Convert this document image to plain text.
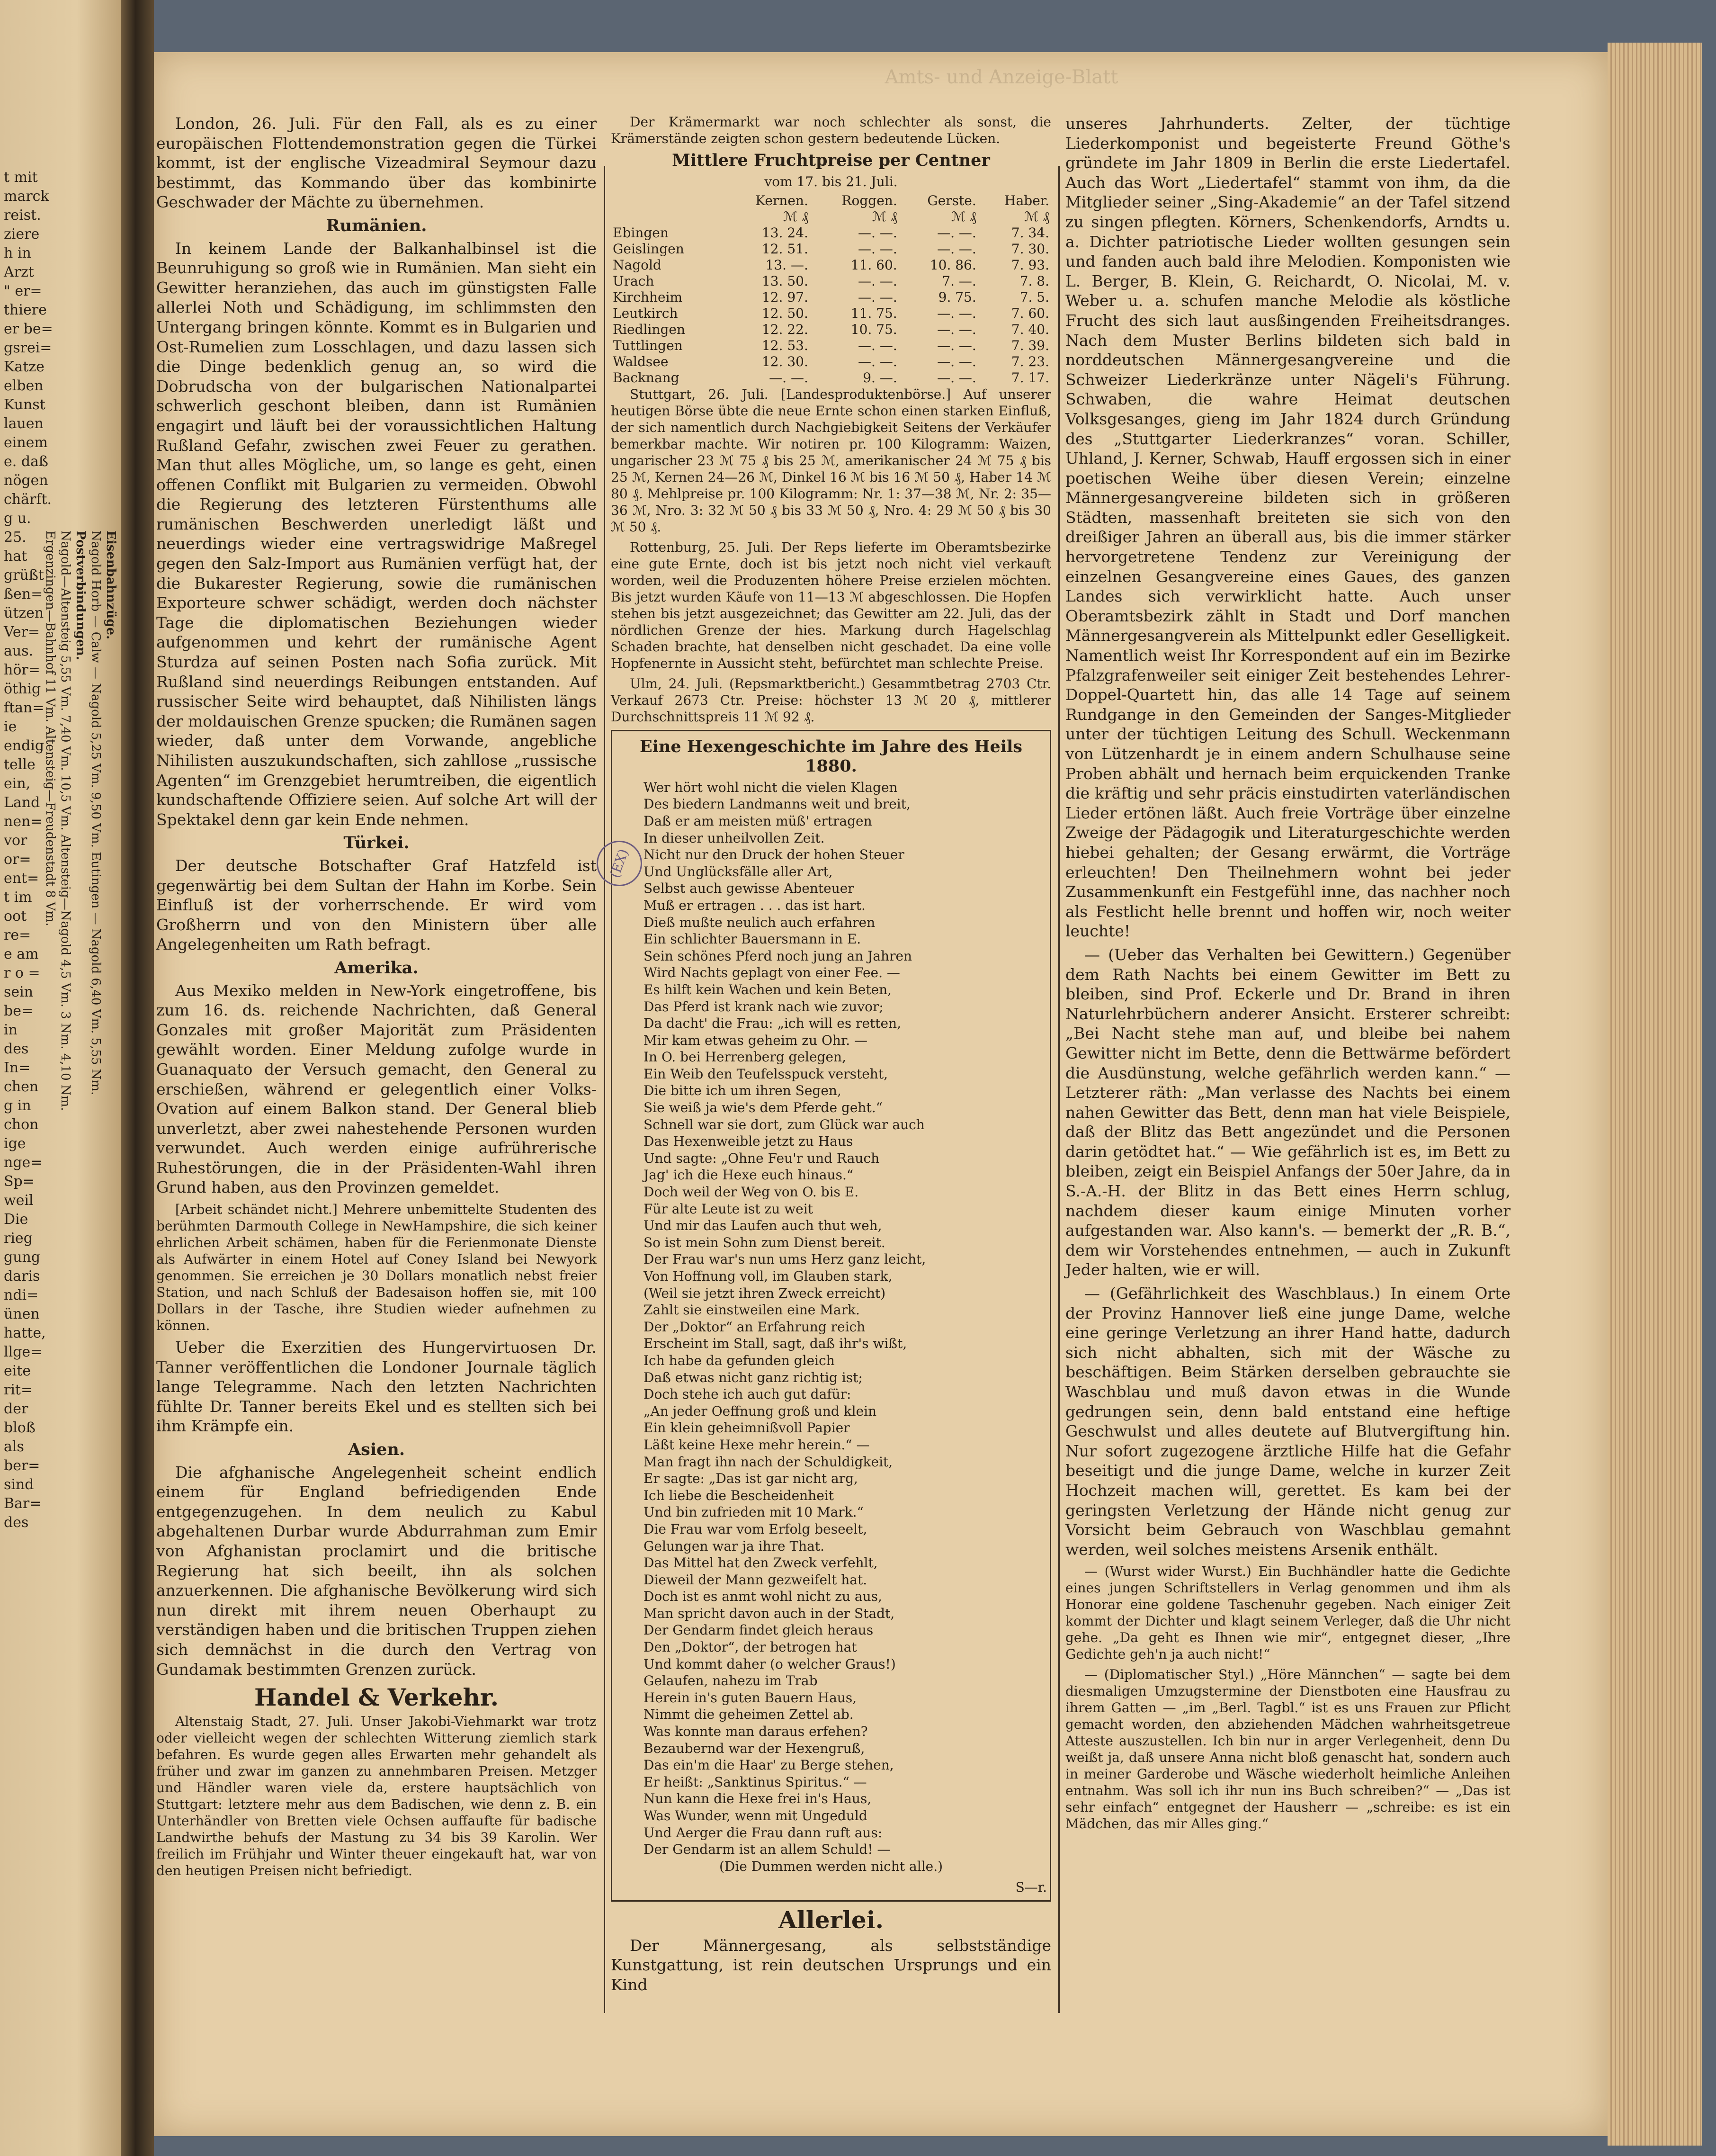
t mit
marck
reist.
ziere
h in
Arzt
" er=
thiere
er be=
gsrei=
Katze
elben
Kunst
lauen
einem
e. daß
nögen
chärft.
g u.
25.
hat
grüßt
ßen=
ützen
Ver=
aus.
hör=
öthig
ftan=
ie
endig
telle
ein,
Land
nen=
vor
or=
ent=
t im
oot
re=
e am
r o =
sein
be=
in
des
In=
chen
g in
chon
ige
nge=
Sp=
weil
Die
rieg
gung
daris
ndi=
ünen
hatte,
llge=
eite
rit=
der
bloß
als
ber=
sind
Bar=
des
Eisenbahnzüge.
Nagold Horb — Calw — Nagold 5,25 Vm. 9,50 Vm. Eutingen — Nagold 6,40 Vm. 5,55 Nm.
Postverbindungen.
Nagold—Altensteig 5,55 Vm. 7,40 Vm. 10,5 Vm. Altensteig—Nagold 4,5 Vm. 3 Nm. 4,10 Nm. Ergenzingen—Bahnhof 11 Vm. Altensteig—Freudenstadt 8 Vm.
Amts- und Anzeige-Blatt

London, 26. Juli. Für den Fall, als es zu einer europäischen Flottendemonstration gegen die Türkei kommt, ist der englische Vizeadmiral Seymour dazu bestimmt, das Kommando über das kombinirte Geschwader der Mächte zu übernehmen.

Rumänien.

In keinem Lande der Balkanhalbinsel ist die Beunruhigung so groß wie in Rumänien. Man sieht ein Gewitter heranziehen, das auch im günstigsten Falle allerlei Noth und Schädigung, im schlimmsten den Untergang bringen könnte. Kommt es in Bulgarien und Ost-Rumelien zum Losschlagen, und dazu lassen sich die Dinge bedenklich genug an, so wird die Dobrudscha von der bulgarischen Nationalpartei schwerlich geschont bleiben, dann ist Rumänien engagirt und läuft bei der voraussichtlichen Haltung Rußland Gefahr, zwischen zwei Feuer zu gerathen. Man thut alles Mögliche, um, so lange es geht, einen offenen Conflikt mit Bulgarien zu vermeiden. Obwohl die Regierung des letzteren Fürstenthums alle rumänischen Beschwerden unerledigt läßt und neuerdings wieder eine vertragswidrige Maßregel gegen den Salz-Import aus Rumänien verfügt hat, der die Bukarester Regierung, sowie die rumänischen Exporteure schwer schädigt, werden doch nächster Tage die diplomatischen Beziehungen wieder aufgenommen und kehrt der rumänische Agent Sturdza auf seinen Posten nach Sofia zurück. Mit Rußland sind neuerdings Reibungen entstanden. Auf russischer Seite wird behauptet, daß Nihilisten längs der moldauischen Grenze spucken; die Rumänen sagen wieder, daß unter dem Vorwande, angebliche Nihilisten auszukundschaften, sich zahllose „russische Agenten“ im Grenzgebiet herumtreiben, die eigentlich kundschaftende Offiziere seien. Auf solche Art will der Spektakel denn gar kein Ende nehmen.

Türkei.

Der deutsche Botschafter Graf Hatzfeld ist gegenwärtig bei dem Sultan der Hahn im Korbe. Sein Einfluß ist der vorherrschende. Er wird vom Großherrn und von den Ministern über alle Angelegenheiten um Rath befragt.

Amerika.

Aus Mexiko melden in New-York eingetroffene, bis zum 16. ds. reichende Nachrichten, daß General Gonzales mit großer Majorität zum Präsidenten gewählt worden. Einer Meldung zufolge wurde in Guanaquato der Versuch gemacht, den General zu erschießen, während er gelegentlich einer Volks-Ovation auf einem Balkon stand. Der General blieb unverletzt, aber zwei nahestehende Personen wurden verwundet. Auch werden einige aufrührerische Ruhestörungen, die in der Präsidenten-Wahl ihren Grund haben, aus den Provinzen gemeldet.

[Arbeit schändet nicht.] Mehrere unbemittelte Studenten des berühmten Darmouth College in NewHampshire, die sich keiner ehrlichen Arbeit schämen, haben für die Ferienmonate Dienste als Aufwärter in einem Hotel auf Coney Island bei Newyork genommen. Sie erreichen je 30 Dollars monatlich nebst freier Station, und nach Schluß der Badesaison hoffen sie, mit 100 Dollars in der Tasche, ihre Studien wieder aufnehmen zu können.

Ueber die Exerzitien des Hungervirtuosen Dr. Tanner veröffentlichen die Londoner Journale täglich lange Telegramme. Nach den letzten Nachrichten fühlte Dr. Tanner bereits Ekel und es stellten sich bei ihm Krämpfe ein.

Asien.

Die afghanische Angelegenheit scheint endlich einem für England befriedigenden Ende entgegenzugehen. In dem neulich zu Kabul abgehaltenen Durbar wurde Abdurrahman zum Emir von Afghanistan proclamirt und die britische Regierung hat sich beeilt, ihn als solchen anzuerkennen. Die afghanische Bevölkerung wird sich nun direkt mit ihrem neuen Oberhaupt zu verständigen haben und die britischen Truppen ziehen sich demnächst in die durch den Vertrag von Gundamak bestimmten Grenzen zurück.

Handel & Verkehr.

Altenstaig Stadt, 27. Juli. Unser Jakobi-Viehmarkt war trotz oder vielleicht wegen der schlechten Witterung ziemlich stark befahren. Es wurde gegen alles Erwarten mehr gehandelt als früher und zwar im ganzen zu annehmbaren Preisen. Metzger und Händler waren viele da, erstere hauptsächlich von Stuttgart: letztere mehr aus dem Badischen, wie denn z. B. ein Unterhändler von Bretten viele Ochsen auffaufte für badische Landwirthe behufs der Mastung zu 34 bis 39 Karolin. Wer freilich im Frühjahr und Winter theuer eingekauft hat, war von den heutigen Preisen nicht befriedigt.

Der Krämermarkt war noch schlechter als sonst, die Krämerstände zeigten schon gestern bedeutende Lücken.

Mittlere Fruchtpreise per Centner

vom 17. bis 21. Juli.

	Kernen.	Roggen.	Gerste.	Haber.
	ℳ ₰	ℳ ₰	ℳ ₰	ℳ ₰
Ebingen	13. 24.	—. —.	—. —.	7. 34.
Geislingen	12. 51.	—. —.	—. —.	7. 30.
Nagold	13. —.	11. 60.	10. 86.	7. 93.
Urach	13. 50.	—. —.	7. —.	7. 8.
Kirchheim	12. 97.	—. —.	9. 75.	7. 5.
Leutkirch	12. 50.	11. 75.	—. —.	7. 60.
Riedlingen	12. 22.	10. 75.	—. —.	7. 40.
Tuttlingen	12. 53.	—. —.	—. —.	7. 39.
Waldsee	12. 30.	—. —.	—. —.	7. 23.
Backnang	—. —.	9. —.	—. —.	7. 17.

Stuttgart, 26. Juli. [Landesproduktenbörse.] Auf unserer heutigen Börse übte die neue Ernte schon einen starken Einfluß, der sich namentlich durch Nachgiebigkeit Seitens der Verkäufer bemerkbar machte. Wir notiren pr. 100 Kilogramm: Waizen, ungarischer 23 ℳ 75 ₰ bis 25 ℳ, amerikanischer 24 ℳ 75 ₰ bis 25 ℳ, Kernen 24—26 ℳ, Dinkel 16 ℳ bis 16 ℳ 50 ₰, Haber 14 ℳ 80 ₰. Mehlpreise pr. 100 Kilogramm: Nr. 1: 37—38 ℳ, Nr. 2: 35—36 ℳ, Nro. 3: 32 ℳ 50 ₰ bis 33 ℳ 50 ₰, Nro. 4: 29 ℳ 50 ₰ bis 30 ℳ 50 ₰.

Rottenburg, 25. Juli. Der Reps lieferte im Oberamtsbezirke eine gute Ernte, doch ist bis jetzt noch nicht viel verkauft worden, weil die Produzenten höhere Preise erzielen möchten. Bis jetzt wurden Käufe von 11—13 ℳ abgeschlossen. Die Hopfen stehen bis jetzt ausgezeichnet; das Gewitter am 22. Juli, das der nördlichen Grenze der hies. Markung durch Hagelschlag Schaden brachte, hat denselben nicht geschadet. Da eine volle Hopfenernte in Aussicht steht, befürchtet man schlechte Preise.

Ulm, 24. Juli. (Repsmarktbericht.) Gesammtbetrag 2703 Ctr. Verkauf 2673 Ctr. Preise: höchster 13 ℳ 20 ₰, mittlerer Durchschnittspreis 11 ℳ 92 ₰.

Eine Hexengeschichte im Jahre des Heils 1880.

Wer hört wohl nicht die vielen Klagen
Des biedern Landmanns weit und breit,
Daß er am meisten müß' ertragen
In dieser unheilvollen Zeit.
Nicht nur den Druck der hohen Steuer
Und Unglücksfälle aller Art,
Selbst auch gewisse Abenteuer
Muß er ertragen . . . das ist hart.
Dieß mußte neulich auch erfahren
Ein schlichter Bauersmann in E.
Sein schönes Pferd noch jung an Jahren
Wird Nachts geplagt von einer Fee. —
Es hilft kein Wachen und kein Beten,
Das Pferd ist krank nach wie zuvor;
Da dacht' die Frau: „ich will es retten,
Mir kam etwas geheim zu Ohr. —
In O. bei Herrenberg gelegen,
Ein Weib den Teufelsspuck versteht,
Die bitte ich um ihren Segen,
Sie weiß ja wie's dem Pferde geht.“
Schnell war sie dort, zum Glück war auch
Das Hexenweible jetzt zu Haus
Und sagte: „Ohne Feu'r und Rauch
Jag' ich die Hexe euch hinaus.“
Doch weil der Weg von O. bis E.
Für alte Leute ist zu weit
Und mir das Laufen auch thut weh,
So ist mein Sohn zum Dienst bereit.
Der Frau war's nun ums Herz ganz leicht,
Von Hoffnung voll, im Glauben stark,
(Weil sie jetzt ihren Zweck erreicht)
Zahlt sie einstweilen eine Mark.
Der „Doktor“ an Erfahrung reich
Erscheint im Stall, sagt, daß ihr's wißt,
Ich habe da gefunden gleich
Daß etwas nicht ganz richtig ist;
Doch stehe ich auch gut dafür:
„An jeder Oeffnung groß und klein
Ein klein geheimnißvoll Papier
Läßt keine Hexe mehr herein.“ —
Man fragt ihn nach der Schuldigkeit,
Er sagte: „Das ist gar nicht arg,
Ich liebe die Bescheidenheit
Und bin zufrieden mit 10 Mark.“
Die Frau war vom Erfolg beseelt,
Gelungen war ja ihre That.
Das Mittel hat den Zweck verfehlt,
Dieweil der Mann gezweifelt hat.
Doch ist es anmt wohl nicht zu aus,
Man spricht davon auch in der Stadt,
Der Gendarm findet gleich heraus
Den „Doktor“, der betrogen hat
Und kommt daher (o welcher Graus!)
Gelaufen, nahezu im Trab
Herein in's guten Bauern Haus,
Nimmt die geheimen Zettel ab.
Was konnte man daraus erfehen?
Bezaubernd war der Hexengruß,
Das ein'm die Haar' zu Berge stehen,
Er heißt: „Sanktinus Spiritus.“ —
Nun kann die Hexe frei in's Haus,
Was Wunder, wenn mit Ungeduld
Und Aerger die Frau dann ruft aus:
Der Gendarm ist an allem Schuld! —
(Die Dummen werden nicht alle.)
S—r.

Allerlei.

Der Männergesang, als selbstständige Kunstgattung, ist rein deutschen Ursprungs und ein Kind

(EX)

unseres Jahrhunderts. Zelter, der tüchtige Liederkomponist und begeisterte Freund Göthe's gründete im Jahr 1809 in Berlin die erste Liedertafel. Auch das Wort „Liedertafel“ stammt von ihm, da die Mitglieder seiner „Sing-Akademie“ an der Tafel sitzend zu singen pflegten. Körners, Schenkendorfs, Arndts u. a. Dichter patriotische Lieder wollten gesungen sein und fanden auch bald ihre Melodien. Komponisten wie L. Berger, B. Klein, G. Reichardt, O. Nicolai, M. v. Weber u. a. schufen manche Melodie als köstliche Frucht des sich laut ausßingenden Freiheitsdranges. Nach dem Muster Berlins bildeten sich bald in norddeutschen Männergesangvereine und die Schweizer Liederkränze unter Nägeli's Führung. Schwaben, die wahre Heimat deutschen Volksgesanges, gieng im Jahr 1824 durch Gründung des „Stuttgarter Liederkranzes“ voran. Schiller, Uhland, J. Kerner, Schwab, Hauff ergossen sich in einer poetischen Weihe über diesen Verein; einzelne Männergesangvereine bildeten sich in größeren Städten, massenhaft breiteten sie sich von den dreißiger Jahren an überall aus, bis die immer stärker hervorgetretene Tendenz zur Vereinigung der einzelnen Gesangvereine eines Gaues, des ganzen Landes sich verwirklicht hatte. Auch unser Oberamtsbezirk zählt in Stadt und Dorf manchen Männergesangverein als Mittelpunkt edler Geselligkeit. Namentlich weist Ihr Korrespondent auf ein im Bezirke Pfalzgrafenweiler seit einiger Zeit bestehendes Lehrer-Doppel-Quartett hin, das alle 14 Tage auf seinem Rundgange in den Gemeinden der Sanges-Mitglieder unter der tüchtigen Leitung des Schull. Weckenmann von Lützenhardt je in einem andern Schulhause seine Proben abhält und hernach beim erquickenden Tranke die kräftig und sehr präcis einstudirten vaterländischen Lieder ertönen läßt. Auch freie Vorträge über einzelne Zweige der Pädagogik und Literaturgeschichte werden hiebei gehalten; der Gesang erwärmt, die Vorträge erleuchten! Den Theilnehmern wohnt bei jeder Zusammenkunft ein Festgefühl inne, das nachher noch als Festlicht helle brennt und hoffen wir, noch weiter leuchte!

— (Ueber das Verhalten bei Gewittern.) Gegenüber dem Rath Nachts bei einem Gewitter im Bett zu bleiben, sind Prof. Eckerle und Dr. Brand in ihren Naturlehrbüchern anderer Ansicht. Ersterer schreibt: „Bei Nacht stehe man auf, und bleibe bei nahem Gewitter nicht im Bette, denn die Bettwärme befördert die Ausdünstung, welche gefährlich werden kann.“ — Letzterer räth: „Man verlasse des Nachts bei einem nahen Gewitter das Bett, denn man hat viele Beispiele, daß der Blitz das Bett angezündet und die Personen darin getödtet hat.“ — Wie gefährlich ist es, im Bett zu bleiben, zeigt ein Beispiel Anfangs der 50er Jahre, da in S.-A.-H. der Blitz in das Bett eines Herrn schlug, nachdem dieser kaum einige Minuten vorher aufgestanden war. Also kann's. — bemerkt der „R. B.“, dem wir Vorstehendes entnehmen, — auch in Zukunft Jeder halten, wie er will.

— (Gefährlichkeit des Waschblaus.) In einem Orte der Provinz Hannover ließ eine junge Dame, welche eine geringe Verletzung an ihrer Hand hatte, dadurch sich nicht abhalten, sich mit der Wäsche zu beschäftigen. Beim Stärken derselben gebrauchte sie Waschblau und muß davon etwas in die Wunde gedrungen sein, denn bald entstand eine heftige Geschwulst und alles deutete auf Blutvergiftung hin. Nur sofort zugezogene ärztliche Hilfe hat die Gefahr beseitigt und die junge Dame, welche in kurzer Zeit Hochzeit machen will, gerettet. Es kam bei der geringsten Verletzung der Hände nicht genug zur Vorsicht beim Gebrauch von Waschblau gemahnt werden, weil solches meistens Arsenik enthält.

— (Wurst wider Wurst.) Ein Buchhändler hatte die Gedichte eines jungen Schriftstellers in Verlag genommen und ihm als Honorar eine goldene Taschenuhr gegeben. Nach einiger Zeit kommt der Dichter und klagt seinem Verleger, daß die Uhr nicht gehe. „Da geht es Ihnen wie mir“, entgegnet dieser, „Ihre Gedichte geh'n ja auch nicht!“

— (Diplomatischer Styl.) „Höre Männchen“ — sagte bei dem diesmaligen Umzugstermine der Dienstboten eine Hausfrau zu ihrem Gatten — „im „Berl. Tagbl.“ ist es uns Frauen zur Pflicht gemacht worden, den abziehenden Mädchen wahrheitsgetreue Atteste auszustellen. Ich bin nur in arger Verlegenheit, denn Du weißt ja, daß unsere Anna nicht bloß genascht hat, sondern auch in meiner Garderobe und Wäsche wiederholt heimliche Anleihen entnahm. Was soll ich ihr nun ins Buch schreiben?“ — „Das ist sehr einfach“ entgegnet der Hausherr — „schreibe: es ist ein Mädchen, das mir Alles ging.“
